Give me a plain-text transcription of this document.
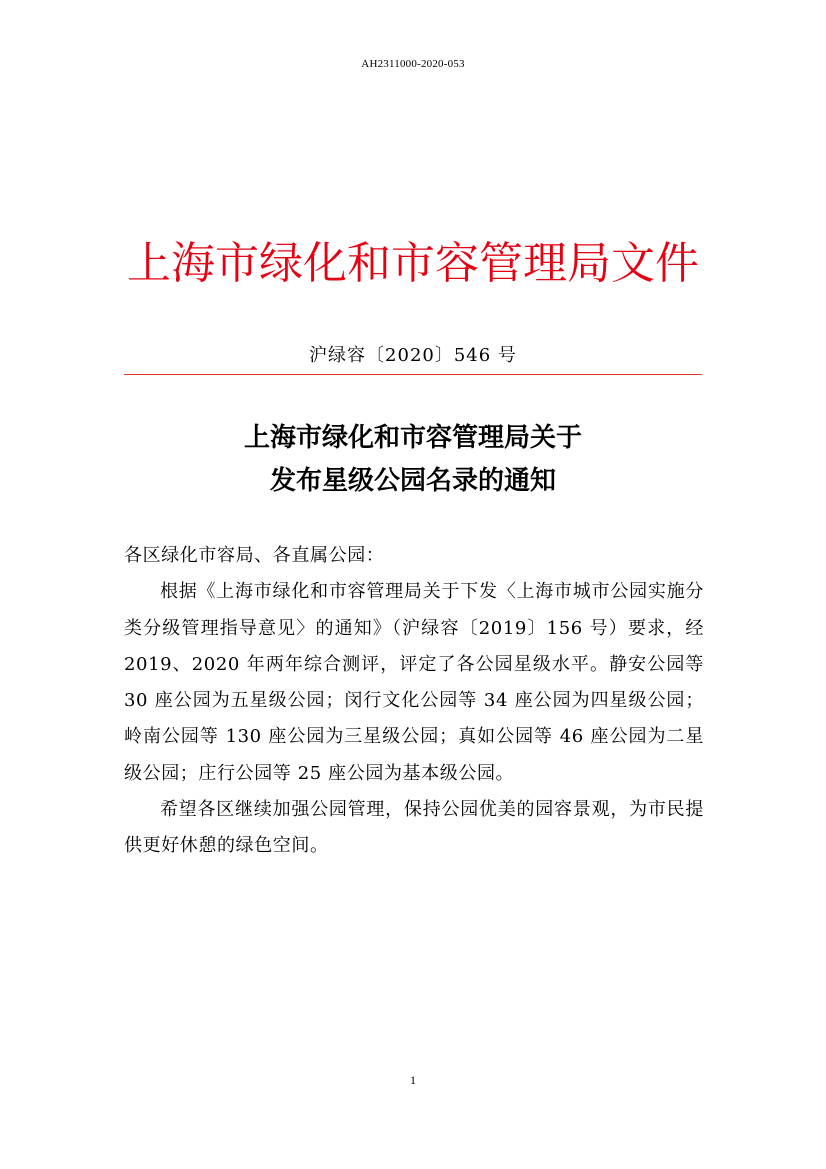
AH2311000-2020-053
上海市绿化和市容管理局文件
沪绿容〔2020〕546 号
上海市绿化和市容管理局关于
发布星级公园名录的通知

各区绿化市容局、各直属公园：

根据《上海市绿化和市容管理局关于下发〈上海市城市公园实施分类分级管理指导意见〉的通知》（沪绿容〔2019〕156 号）要求，经 2019、2020 年两年综合测评，评定了各公园星级水平。静安公园等 30 座公园为五星级公园；闵行文化公园等 34 座公园为四星级公园；岭南公园等 130 座公园为三星级公园；真如公园等 46 座公园为二星级公园；庄行公园等 25 座公园为基本级公园。

希望各区继续加强公园管理，保持公园优美的园容景观，为市民提供更好休憩的绿色空间。

1
